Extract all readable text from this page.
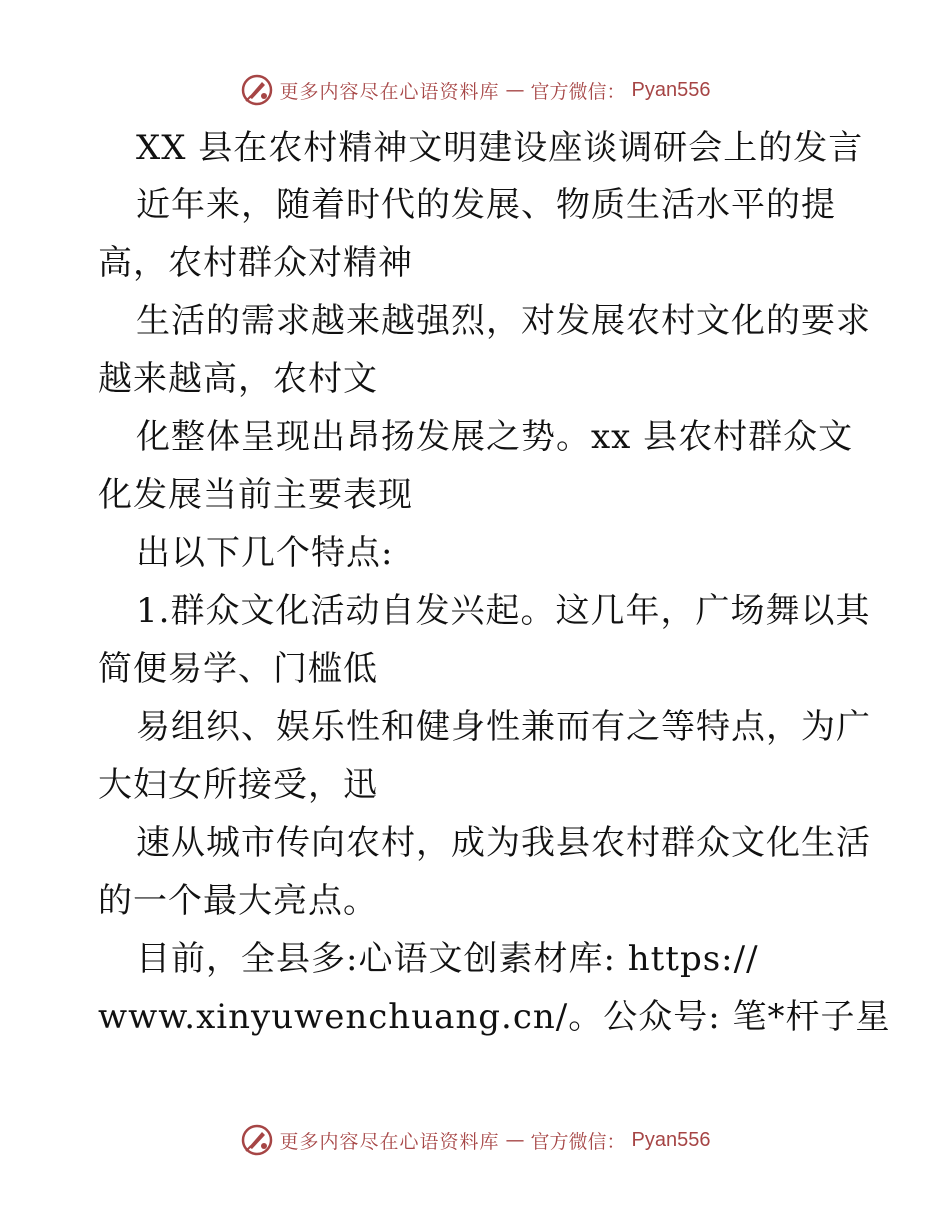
更多内容尽在心语资料库 — 官方微信： Pyan556
XX 县在农村精神文明建设座谈调研会上的发言
近年来，随着时代的发展、物质生活水平的提
高，农村群众对精神
生活的需求越来越强烈，对发展农村文化的要求
越来越高，农村文
化整体呈现出昂扬发展之势。xx 县农村群众文
化发展当前主要表现
出以下几个特点:
1.群众文化活动自发兴起。这几年，广场舞以其
简便易学、门槛低
易组织、娱乐性和健身性兼而有之等特点，为广
大妇女所接受，迅
速从城市传向农村，成为我县农村群众文化生活
的一个最大亮点。
目前，全县多:心语文创素材库: https://
www.xinyuwenchuang.cn/。公众号: 笔*杆子星
更多内容尽在心语资料库 — 官方微信： Pyan556
